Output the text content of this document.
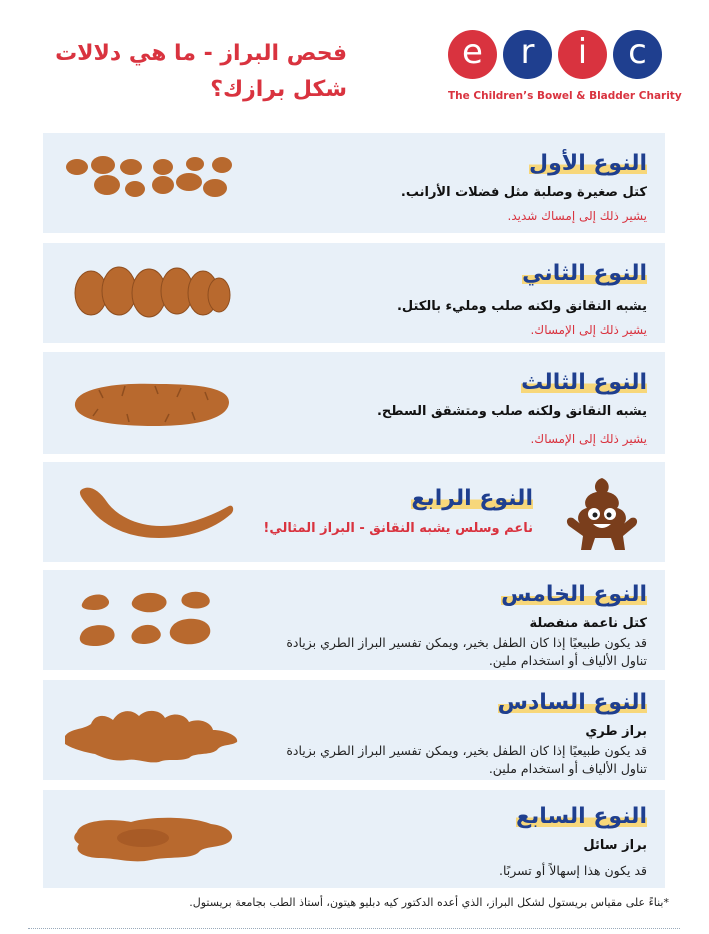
فحص البراز - ما هي دلالات
شكل برازك؟
e	r	i	c
The Children’s Bowel & Bladder Charity
النوع الأول
كتل صغيرة وصلبة مثل فضلات الأرانب.
يشير ذلك إلى إمساك شديد.
النوع الثاني
يشبه النقانق ولكنه صلب ومليء بالكتل.
يشير ذلك إلى الإمساك.
النوع الثالث
يشبه النقانق ولكنه صلب ومتشقق السطح.
يشير ذلك إلى الإمساك.
النوع الرابع
ناعم وسلس يشبه النقانق - البراز المثالي!
النوع الخامس
كتل ناعمة منفصلة
قد يكون طبيعيًا إذا كان الطفل بخير، ويمكن تفسير البراز الطري بزيادة
تناول الألياف أو استخدام ملين.
النوع السادس
براز طري
قد يكون طبيعيًا إذا كان الطفل بخير، ويمكن تفسير البراز الطري بزيادة
تناول الألياف أو استخدام ملين.
النوع السابع
براز سائل
قد يكون هذا إسهالاً أو تسربًا.
*بناءً على مقياس بريستول لشكل البراز، الذي أعده الدكتور كيه دبليو هيتون، أستاذ الطب بجامعة بريستول.
